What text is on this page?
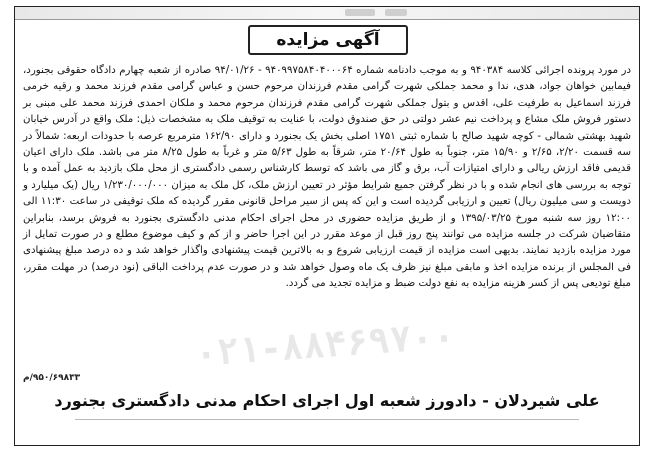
آگهی مزایده
۰۲۱-۸۸۴۶۹۷۰۰

در مورد پرونده اجرائی کلاسه ۹۴۰۳۸۴ و به موجب دادنامه شماره ۹۴۰۹۹۷۵۸۴۰۴۰۰۰۶۴ - ۹۴/۰۱/۲۶ صادره از شعبه چهارم دادگاه حقوقی بجنورد، فیمابین خواهان جواد، هدی، ندا و محمد جملکی شهرت گرامی مقدم فرزندان مرحوم حسن و عباس گرامی مقدم فرزند محمد و رقیه خرمی فرزند اسماعیل به طرفیت علی، اقدس و بتول جملکی شهرت گرامی مقدم فرزندان مرحوم محمد و ملکان احمدی فرزند محمد علی مبنی بر دستور فروش ملک مشاع و پرداخت نیم عشر دولتی در حق صندوق دولت، با عنایت به توقیف ملک به مشخصات ذیل: ملک واقع در آدرس خیابان شهید بهشتی شمالی - کوچه شهید صالح با شماره ثبتی ۱۷۵۱ اصلی بخش یک بجنورد و دارای ۱۶۲/۹۰ مترمربع عرصه با حدودات اربعه: شمالاً در سه قسمت ۲/۲۰، ۲/۶۵ و ۱۵/۹۰ متر، جنوباً به طول ۲۰/۶۴ متر، شرقاً به طول ۵/۶۳ متر و غرباً به طول ۸/۲۵ متر می باشد. ملک دارای اعیان قدیمی فاقد ارزش ریالی و دارای امتیازات آب، برق و گاز می باشد که توسط کارشناس رسمی دادگستری از محل ملک بازدید به عمل آمده و با توجه به بررسی های انجام شده و با در نظر گرفتن جمیع شرایط مؤثر در تعیین ارزش ملک، کل ملک به میزان ۱/۲۳۰/۰۰۰/۰۰۰ ریال (یک میلیارد و دویست و سی میلیون ریال) تعیین و ارزیابی گردیده است و این که پس از سیر مراحل قانونی مقرر گردیده که ملک توقیفی در ساعت ۱۱:۳۰ الی ۱۲:۰۰ روز سه شنبه مورخ ۱۳۹۵/۰۳/۲۵ و از طریق مزایده حضوری در محل اجرای احکام مدنی دادگستری بجنورد به فروش برسد، بنابراین متقاضیان شرکت در جلسه مزایده می توانند پنج روز قبل از موعد مقرر در این اجرا حاضر و از کم و کیف موضوع مطلع و در صورت تمایل از مورد مزایده بازدید نمایند. بدیهی است مزایده از قیمت ارزیابی شروع و به بالاترین قیمت پیشنهادی واگذار خواهد شد و ده درصد مبلغ پیشنهادی فی المجلس از برنده مزایده اخذ و مابقی مبلغ نیز ظرف یک ماه وصول خواهد شد و در صورت عدم پرداخت الباقی (نود درصد) در مهلت مقرر، مبلغ تودیعی پس از کسر هزینه مزایده به نفع دولت ضبط و مزایده تجدید می گردد.

۹۵۰/۶۹۸۳۳/م
علی شیردلان - دادورز شعبه اول اجرای احکام مدنی دادگستری بجنورد
